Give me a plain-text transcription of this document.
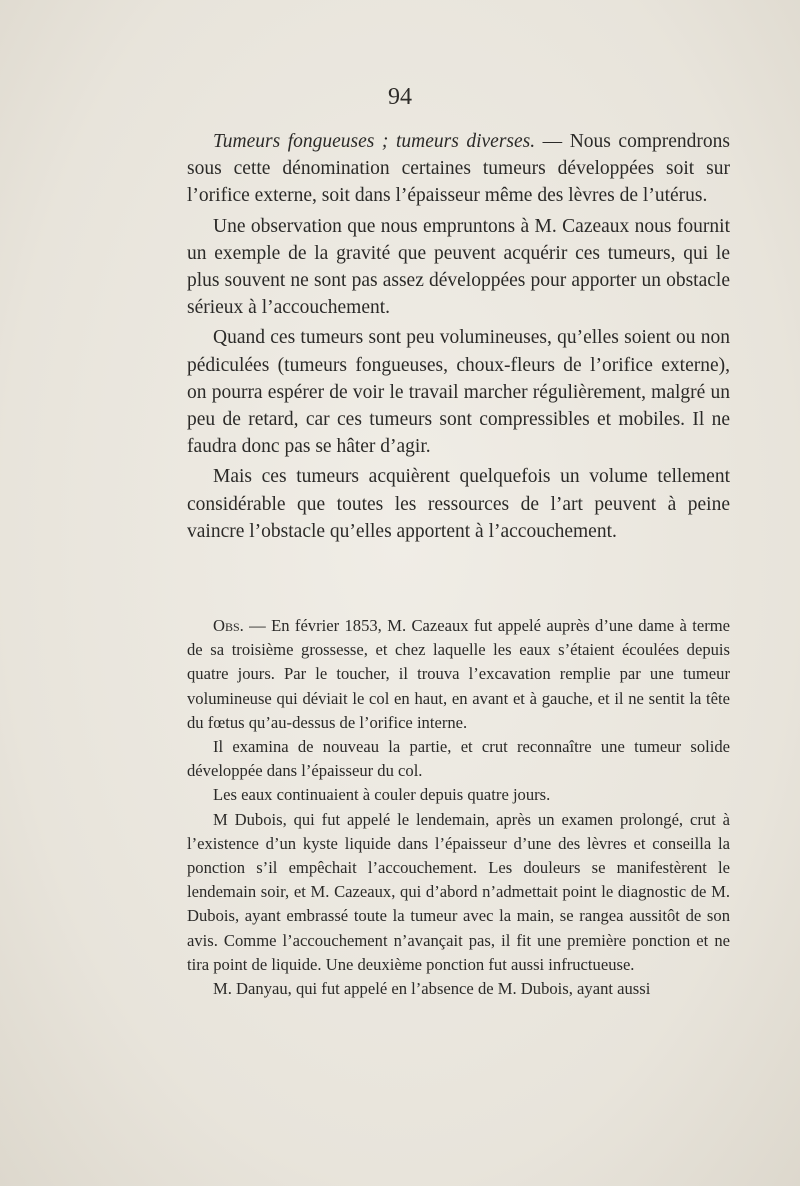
94

Tumeurs fongueuses ; tumeurs diverses. — Nous comprendrons sous cette dénomination certaines tumeurs développées soit sur l’orifice externe, soit dans l’épaisseur même des lèvres de l’utérus.

Une observation que nous empruntons à M. Cazeaux nous fournit un exemple de la gravité que peuvent acquérir ces tumeurs, qui le plus souvent ne sont pas assez développées pour apporter un obstacle sérieux à l’accouchement.

Quand ces tumeurs sont peu volumineuses, qu’elles soient ou non pédiculées (tumeurs fongueuses, choux-fleurs de l’orifice externe), on pourra espérer de voir le travail marcher régulièrement, malgré un peu de retard, car ces tumeurs sont compressibles et mobiles. Il ne faudra donc pas se hâter d’agir.

Mais ces tumeurs acquièrent quelquefois un volume tellement considérable que toutes les ressources de l’art peuvent à peine vaincre l’obstacle qu’elles apportent à l’accouchement.

Obs. — En février 1853, M. Cazeaux fut appelé auprès d’une dame à terme de sa troisième grossesse, et chez laquelle les eaux s’étaient écoulées depuis quatre jours. Par le toucher, il trouva l’excavation remplie par une tumeur volumineuse qui déviait le col en haut, en avant et à gauche, et il ne sentit la tête du fœtus qu’au-dessus de l’orifice interne.

Il examina de nouveau la partie, et crut reconnaître une tumeur solide développée dans l’épaisseur du col.

Les eaux continuaient à couler depuis quatre jours.

M Dubois, qui fut appelé le lendemain, après un examen prolongé, crut à l’existence d’un kyste liquide dans l’épaisseur d’une des lèvres et conseilla la ponction s’il empêchait l’accouchement. Les douleurs se manifestèrent le lendemain soir, et M. Cazeaux, qui d’abord n’admettait point le diagnostic de M. Dubois, ayant embrassé toute la tumeur avec la main, se rangea aussitôt de son avis. Comme l’accouchement n’avançait pas, il fit une première ponction et ne tira point de liquide. Une deuxième ponction fut aussi infructueuse.

M. Danyau, qui fut appelé en l’absence de M. Dubois, ayant aussi
